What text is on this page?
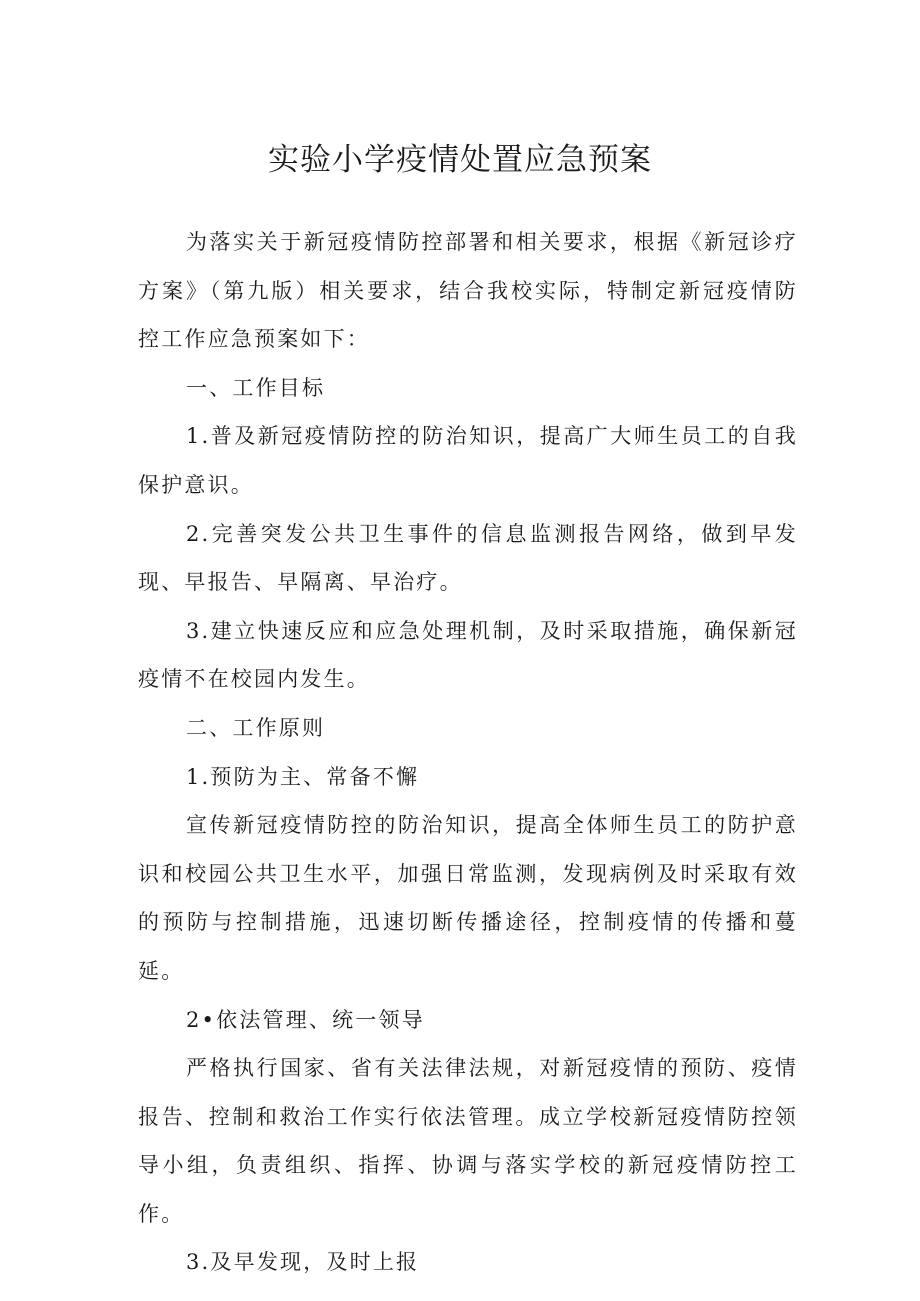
实验小学疫情处置应急预案

为落实关于新冠疫情防控部署和相关要求，根据《新冠诊疗方案》（第九版）相关要求，结合我校实际，特制定新冠疫情防控工作应急预案如下：

一、工作目标

1.普及新冠疫情防控的防治知识，提高广大师生员工的自我保护意识。

2.完善突发公共卫生事件的信息监测报告网络，做到早发现、早报告、早隔离、早治疗。

3.建立快速反应和应急处理机制，及时采取措施，确保新冠疫情不在校园内发生。

二、工作原则

1.预防为主、常备不懈

宣传新冠疫情防控的防治知识，提高全体师生员工的防护意识和校园公共卫生水平，加强日常监测，发现病例及时采取有效的预防与控制措施，迅速切断传播途径，控制疫情的传播和蔓延。

2•依法管理、统一领导

严格执行国家、省有关法律法规，对新冠疫情的预防、疫情报告、控制和救治工作实行依法管理。成立学校新冠疫情防控领导小组，负责组织、指挥、协调与落实学校的新冠疫情防控工作。

3.及早发现，及时上报
